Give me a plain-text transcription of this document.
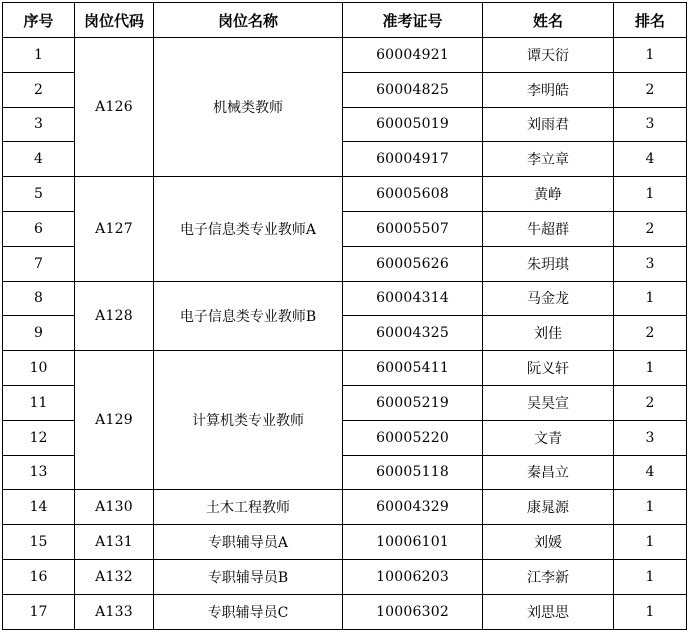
序号	岗位代码	岗位名称	准考证号	姓名	排名
1	A126	机械类教师	60004921	谭天衍	1
2			60004825	李明皓	2
3			60005019	刘雨君	3
4			60004917	李立章	4
5	A127	电子信息类专业教师A	60005608	黄峥	1
6			60005507	牛超群	2
7			60005626	朱玥琪	3
8	A128	电子信息类专业教师B	60004314	马金龙	1
9			60004325	刘佳	2
10	A129	计算机类专业教师	60005411	阮义轩	1
11			60005219	吴昊宣	2
12			60005220	文青	3
13			60005118	秦昌立	4
14	A130	土木工程教师	60004329	康晁源	1
15	A131	专职辅导员A	10006101	刘媛	1
16	A132	专职辅导员B	10006203	江李新	1
17	A133	专职辅导员C	10006302	刘思思	1
